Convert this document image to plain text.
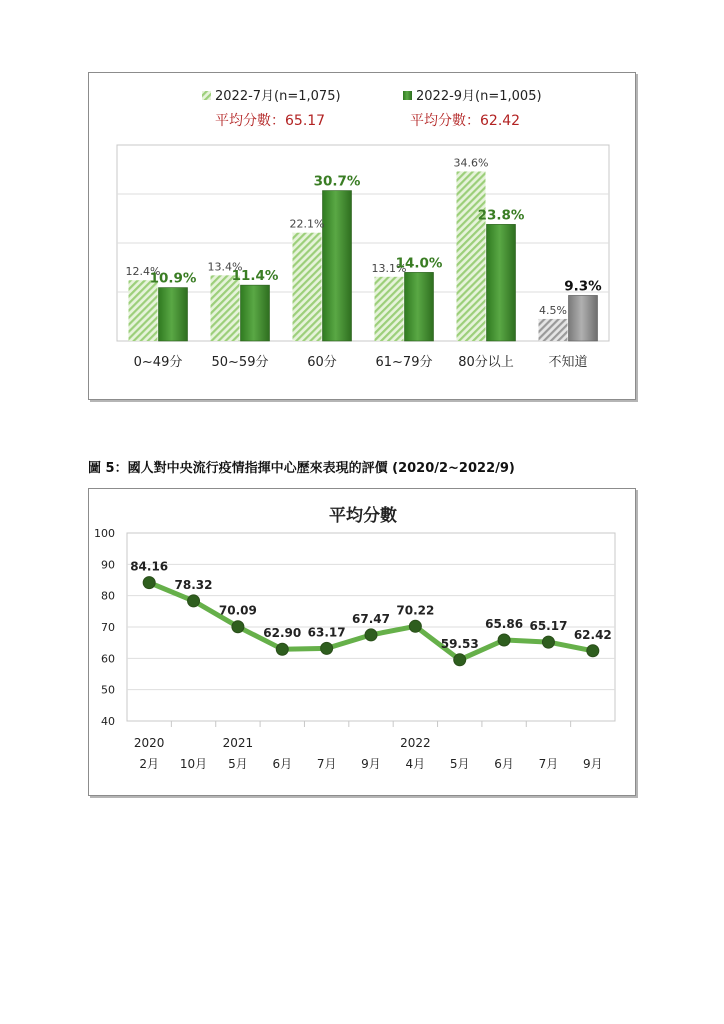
2022-7月(n=1,075)	2022-9月(n=1,005)
平均分數：65.17	平均分數：62.42
12.4%
10.9%
13.4%
11.4%
22.1%
30.7%
13.1%
14.0%
34.6%
23.8%
4.5%
9.3%
0~49分 50~59分	60分	61~79分 80分以上	不知道
圖 5：國人對中央流行疫情指揮中心歷來表現的評價 (2020/2~2022/9)
平均分數
100
90
80
70
60
50
40
84.16
78.32
70.09
62.90 63.17
67.47
70.22
59.53
65.86 65.17
62.42
2020
2月 10月
2021
5月 6月 7月 9月
2022
4月 5月 6月 7月 9月
